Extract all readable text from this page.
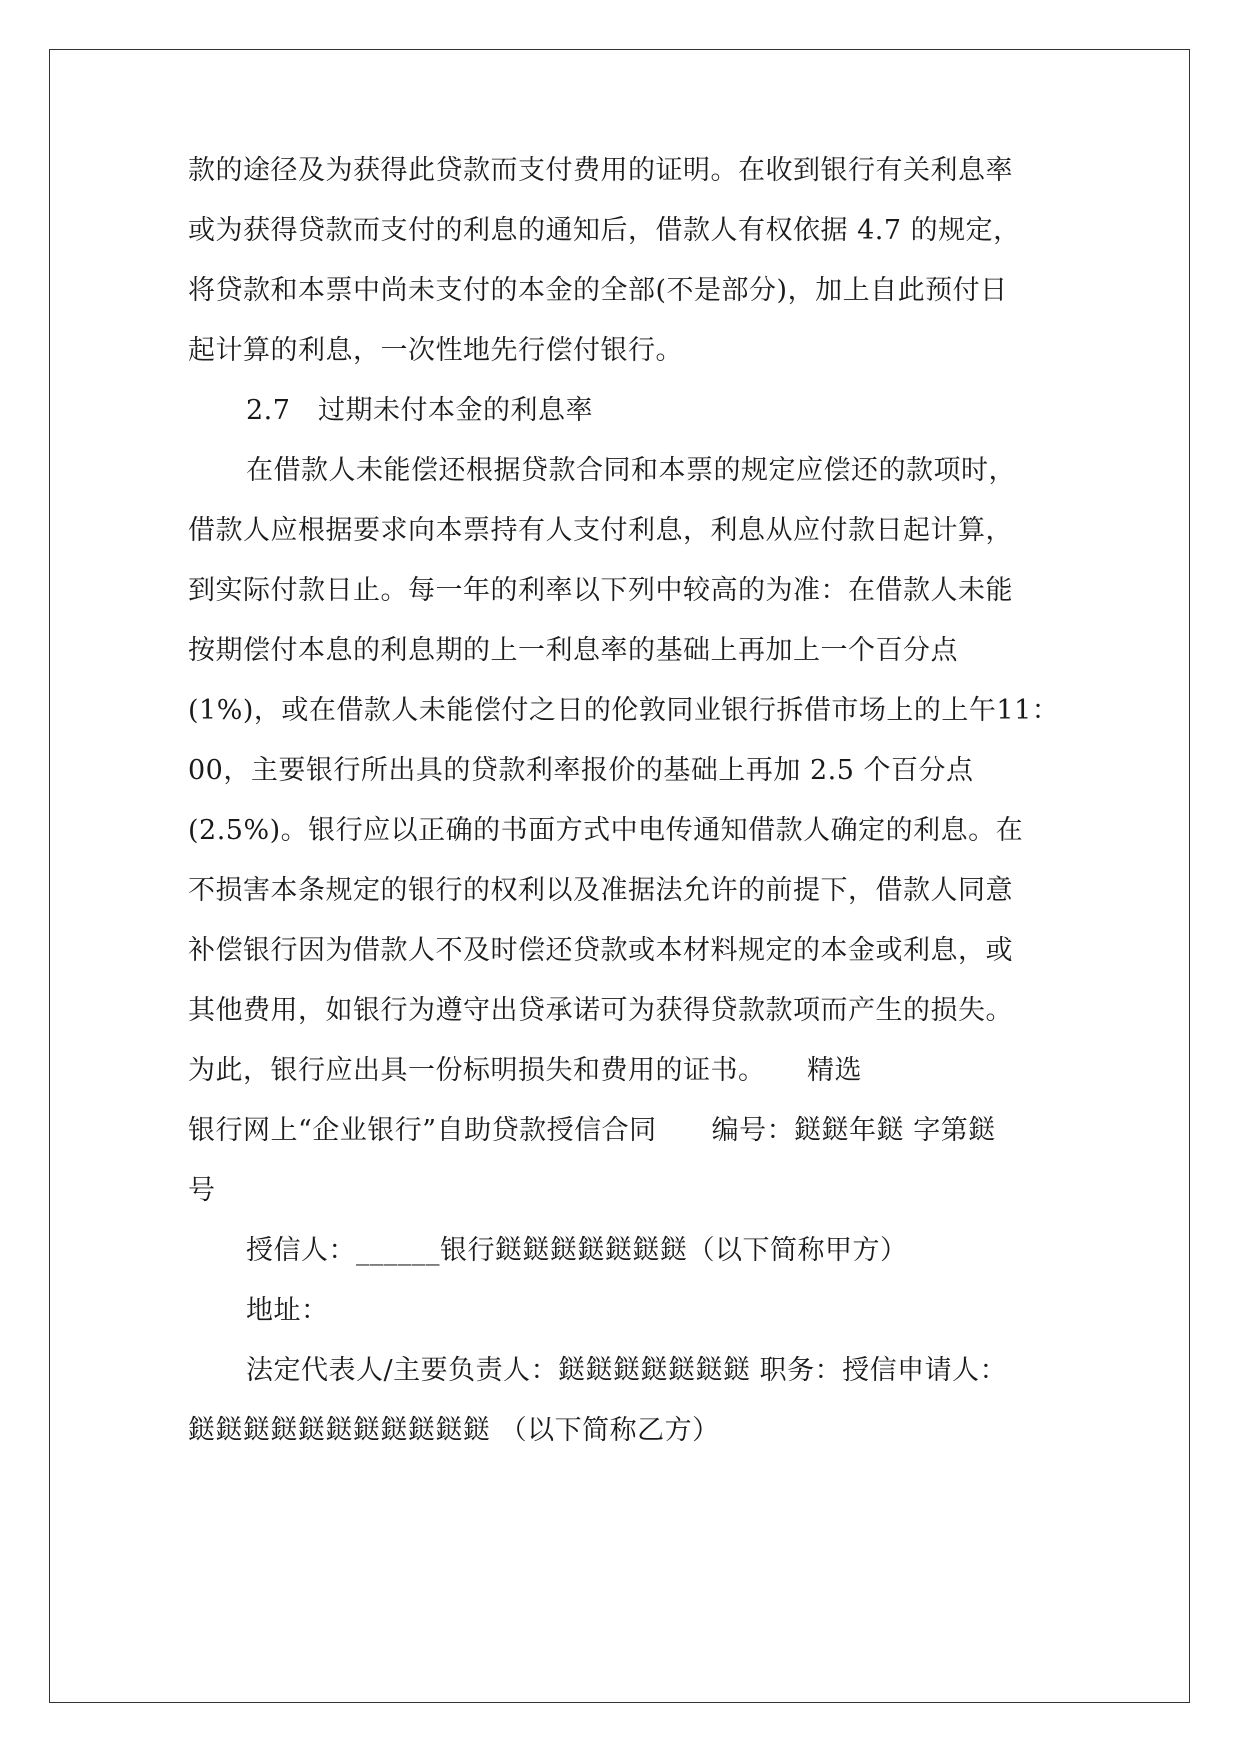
款的途径及为获得此贷款而支付费用的证明。在收到银行有关利息率
或为获得贷款而支付的利息的通知后，借款人有权依据 4.7 的规定，
将贷款和本票中尚未支付的本金的全部(不是部分)，加上自此预付日
起计算的利息，一次性地先行偿付银行。
2.7　过期未付本金的利息率
在借款人未能偿还根据贷款合同和本票的规定应偿还的款项时，
借款人应根据要求向本票持有人支付利息，利息从应付款日起计算，
到实际付款日止。每一年的利率以下列中较高的为准：在借款人未能
按期偿付本息的利息期的上一利息率的基础上再加上一个百分点
(1%)，或在借款人未能偿付之日的伦敦同业银行拆借市场上的上午11：
00，主要银行所出具的贷款利率报价的基础上再加 2.5 个百分点
(2.5%)。银行应以正确的书面方式中电传通知借款人确定的利息。在
不损害本条规定的银行的权利以及准据法允许的前提下，借款人同意
补偿银行因为借款人不及时偿还贷款或本材料规定的本金或利息，或
其他费用，如银行为遵守出贷承诺可为获得贷款款项而产生的损失。
为此，银行应出具一份标明损失和费用的证书。　　精选
银行网上“企业银行”自助贷款授信合同　　编号：鎹鎹年鎹 字第鎹
号
授信人：______银行鎹鎹鎹鎹鎹鎹鎹（以下简称甲方）
地址：
法定代表人/主要负责人：鎹鎹鎹鎹鎹鎹鎹 职务：授信申请人：
鎹鎹鎹鎹鎹鎹鎹鎹鎹鎹鎹 （以下简称乙方）
